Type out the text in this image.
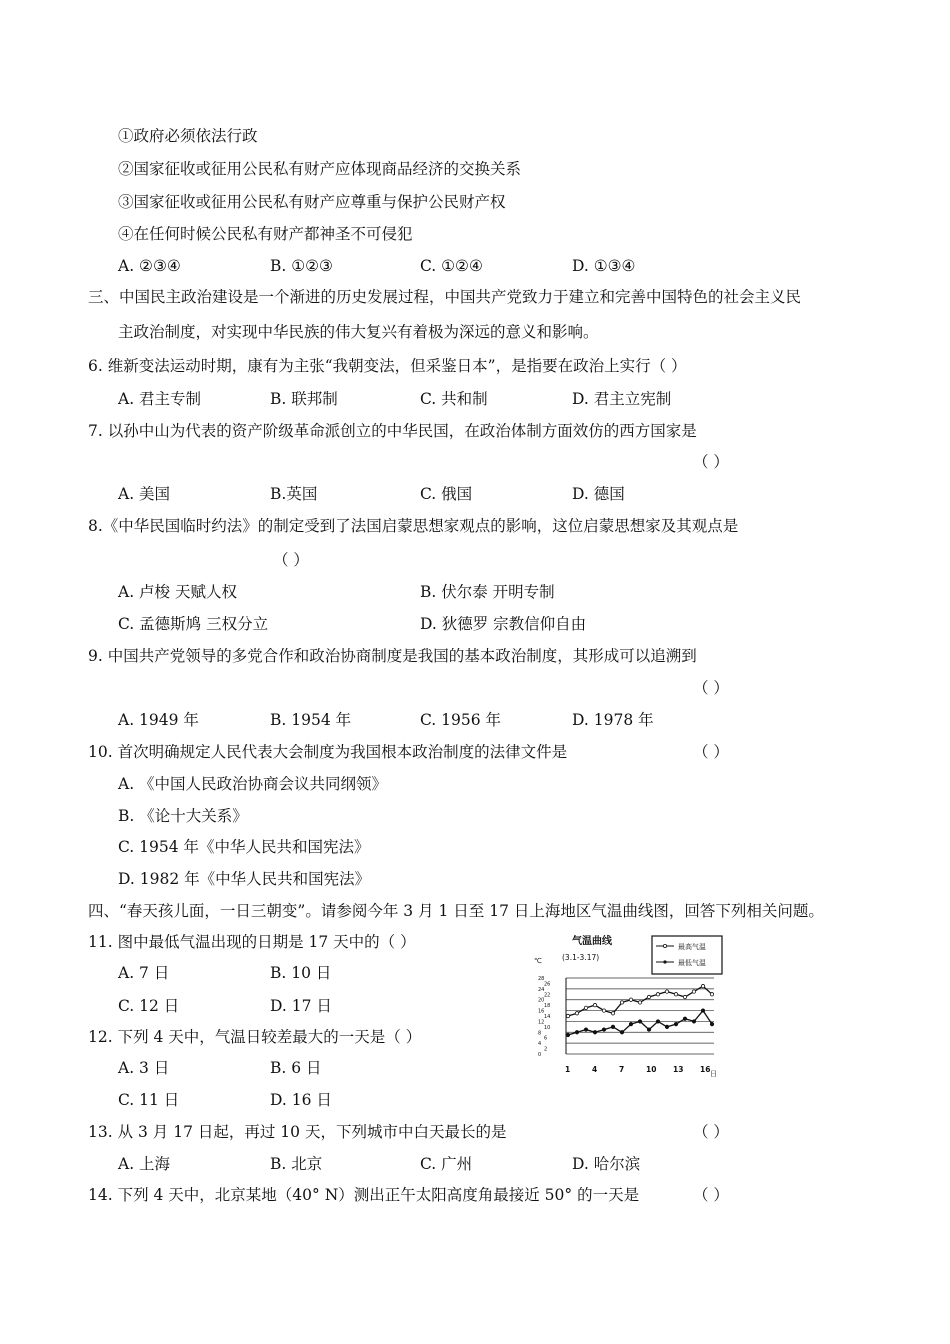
①政府必须依法行政
②国家征收或征用公民私有财产应体现商品经济的交换关系
③国家征收或征用公民私有财产应尊重与保护公民财产权
④在任何时候公民私有财产都神圣不可侵犯
A. ②③④	B. ①②③	C. ①②④	D. ①③④
三、中国民主政治建设是一个渐进的历史发展过程，中国共产党致力于建立和完善中国特色的社会主义民
主政治制度，对实现中华民族的伟大复兴有着极为深远的意义和影响。
6. 维新变法运动时期，康有为主张“我朝变法，但采鉴日本”，是指要在政治上实行（ ）
A. 君主专制	B. 联邦制	C. 共和制	D. 君主立宪制
7. 以孙中山为代表的资产阶级革命派创立的中华民国，在政治体制方面效仿的西方国家是
（ ）
A. 美国	B.英国	C. 俄国	D. 德国
8.《中华民国临时约法》的制定受到了法国启蒙思想家观点的影响，这位启蒙思想家及其观点是
（ ）
A. 卢梭 天赋人权	B. 伏尔泰 开明专制
C. 孟德斯鸠 三权分立	D. 狄德罗 宗教信仰自由
9. 中国共产党领导的多党合作和政治协商制度是我国的基本政治制度，其形成可以追溯到
（ ）
A. 1949 年	B. 1954 年	C. 1956 年	D. 1978 年
10. 首次明确规定人民代表大会制度为我国根本政治制度的法律文件是	（ ）
A. 《中国人民政治协商会议共同纲领》
B. 《论十大关系》
C. 1954 年《中华人民共和国宪法》
D. 1982 年《中华人民共和国宪法》
四、“春天孩儿面，一日三朝变”。请参阅今年 3 月 1 日至 17 日上海地区气温曲线图，回答下列相关问题。
11. 图中最低气温出现的日期是 17 天中的（ ）
A. 7 日	B. 10 日
C. 12 日	D. 17 日
12. 下列 4 天中，气温日较差最大的一天是（ ）
A. 3 日	B. 6 日
C. 11 日	D. 16 日
13. 从 3 月 17 日起，再过 10 天，下列城市中白天最长的是	（ ）
A. 上海	B. 北京	C. 广州	D. 哈尔滨
14. 下列 4 天中，北京某地（40° N）测出正午太阳高度角最接近 50° 的一天是	（ ）
气温曲线
(3.1-3.17)
℃
日
最高气温
最低气温
0
2
4
6
8
10
12
14
16
18
20
22
24
26
28
1	4	7	10 13 16
